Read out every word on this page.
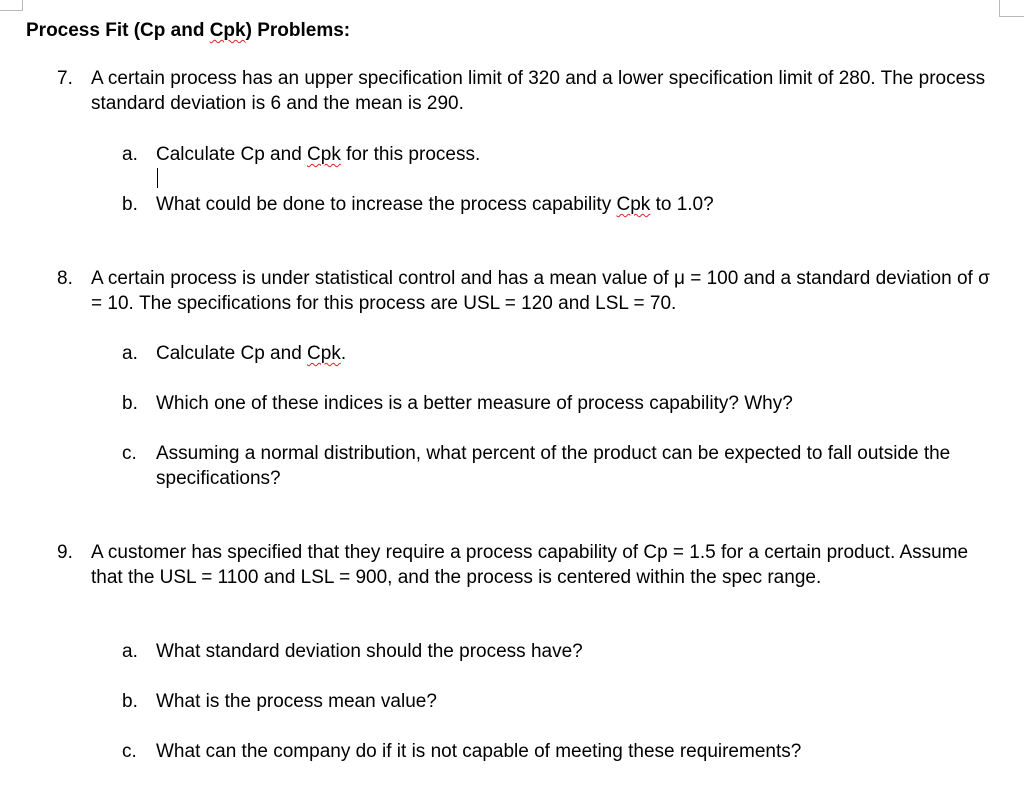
Process Fit (Cp and Cpk) Problems:
7. A certain process has an upper specification limit of 320 and a lower specification limit of 280. The process standard deviation is 6 and the mean is 290.
a. Calculate Cp and Cpk for this process.
b. What could be done to increase the process capability Cpk to 1.0?
8. A certain process is under statistical control and has a mean value of μ = 100 and a standard deviation of σ = 10. The specifications for this process are USL = 120 and LSL = 70.
a. Calculate Cp and Cpk.
b. Which one of these indices is a better measure of process capability? Why?
c. Assuming a normal distribution, what percent of the product can be expected to fall outside the specifications?
9. A customer has specified that they require a process capability of Cp = 1.5 for a certain product. Assume that the USL = 1100 and LSL = 900, and the process is centered within the spec range.
a. What standard deviation should the process have?
b. What is the process mean value?
c. What can the company do if it is not capable of meeting these requirements?
